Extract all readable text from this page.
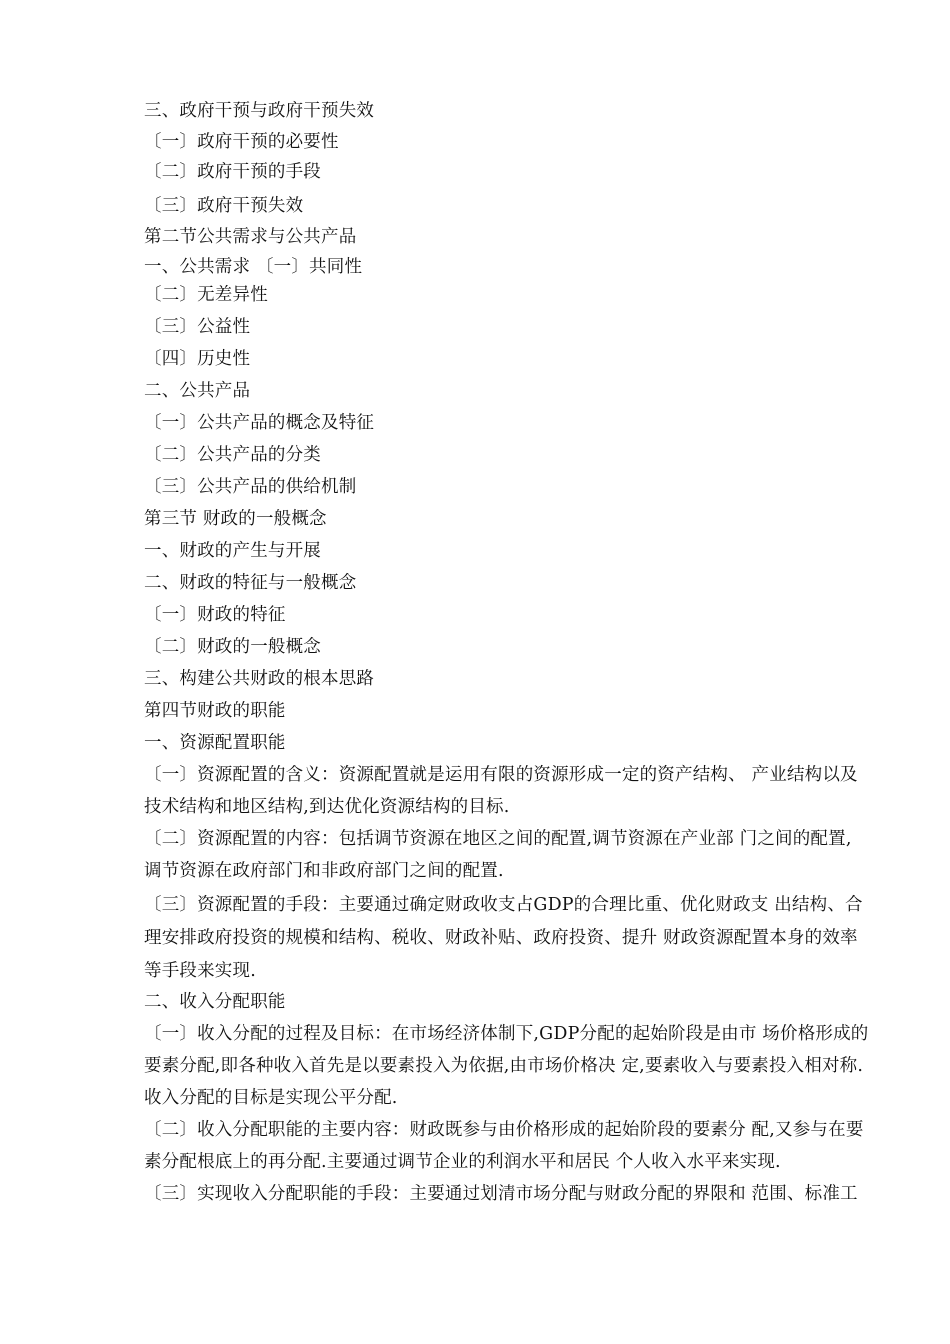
三、政府干预与政府干预失效
〔一〕政府干预的必要性
〔二〕政府干预的手段
〔三〕政府干预失效
第二节公共需求与公共产品
一、公共需求 〔一〕共同性
〔二〕无差异性
〔三〕公益性
〔四〕历史性
二、公共产品
〔一〕公共产品的概念及特征
〔二〕公共产品的分类
〔三〕公共产品的供给机制
第三节 财政的一般概念
一、财政的产生与开展
二、财政的特征与一般概念
〔一〕财政的特征
〔二〕财政的一般概念
三、构建公共财政的根本思路
第四节财政的职能
一、资源配置职能
〔一〕资源配置的含义：资源配置就是运用有限的资源形成一定的资产结构、 产业结构以及
技术结构和地区结构,到达优化资源结构的目标.
〔二〕资源配置的内容：包括调节资源在地区之间的配置,调节资源在产业部 门之间的配置,
调节资源在政府部门和非政府部门之间的配置.
〔三〕资源配置的手段：主要通过确定财政收支占GDP的合理比重、优化财政支 出结构、合
理安排政府投资的规模和结构、税收、财政补贴、政府投资、提升 财政资源配置本身的效率
等手段来实现.
二、收入分配职能
〔一〕收入分配的过程及目标：在市场经济体制下,GDP分配的起始阶段是由市 场价格形成的
要素分配,即各种收入首先是以要素投入为依据,由市场价格决 定,要素收入与要素投入相对称.
收入分配的目标是实现公平分配.
〔二〕收入分配职能的主要内容：财政既参与由价格形成的起始阶段的要素分 配,又参与在要
素分配根底上的再分配.主要通过调节企业的利润水平和居民 个人收入水平来实现.
〔三〕实现收入分配职能的手段：主要通过划清市场分配与财政分配的界限和 范围、标准工
